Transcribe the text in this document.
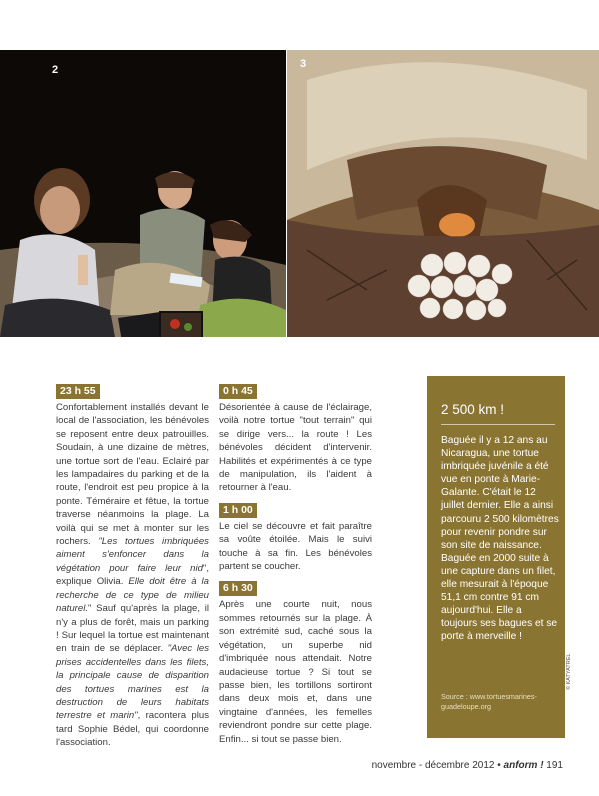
2	3
23 h 55

Confortablement installés devant le local de l'association, les bénévoles se reposent entre deux patrouilles. Soudain, à une dizaine de mètres, une tortue sort de l'eau. Eclairé par les lampadaires du parking et de la route, l'endroit est peu propice à la ponte. Téméraire et fêtue, la tortue traverse néanmoins la plage. La voilà qui se met à monter sur les rochers. "Les tortues imbriquées aiment s'enfoncer dans la végétation pour faire leur nid", explique Olivia. Elle doit être à la recherche de ce type de milieu naturel." Sauf qu'après la plage, il n'y a plus de forêt, mais un parking ! Sur lequel la tortue est maintenant en train de se déplacer. "Avec les prises accidentelles dans les filets, la principale cause de disparition des tortues marines est la destruction de leurs habitats terrestre et marin", racontera plus tard Sophie Bédel, qui coordonne l'association.

0 h 45

Désorientée à cause de l'éclairage, voilà notre tortue "tout terrain" qui se dirige vers... la route ! Les bénévoles décident d'intervenir. Habilités et expérimentés à ce type de manipulation, ils l'aident à retourner à l'eau.

1 h 00

Le ciel se découvre et fait paraître sa voûte étoilée. Mais le suivi touche à sa fin. Les bénévoles partent se coucher.

6 h 30

Après une courte nuit, nous sommes retournés sur la plage. À son extrémité sud, caché sous la végétation, un superbe nid d'imbriquée nous attendait. Notre audacieuse tortue ? Si tout se passe bien, les tortillons sortiront dans deux mois et, dans une vingtaine d'années, les femelles reviendront pondre sur cette plage. Enfin... si tout se passe bien.

2 500 km !
Baguée il y a 12 ans au Nicaragua, une tortue imbriquée juvénile a été vue en ponte à Marie-Galante. C'était le 12 juillet dernier. Elle a ainsi parcouru 2 500 kilomètres pour revenir pondre sur son site de naissance. Baguée en 2000 suite à une capture dans un filet, elle mesurait à l'époque 51,1 cm contre 91 cm aujourd'hui. Elle a toujours ses bagues et se porte à merveille !
Source : www.tortuesmarines-guadeloupe.org
© KATYATREL
novembre - décembre 2012 • anform ! 191
